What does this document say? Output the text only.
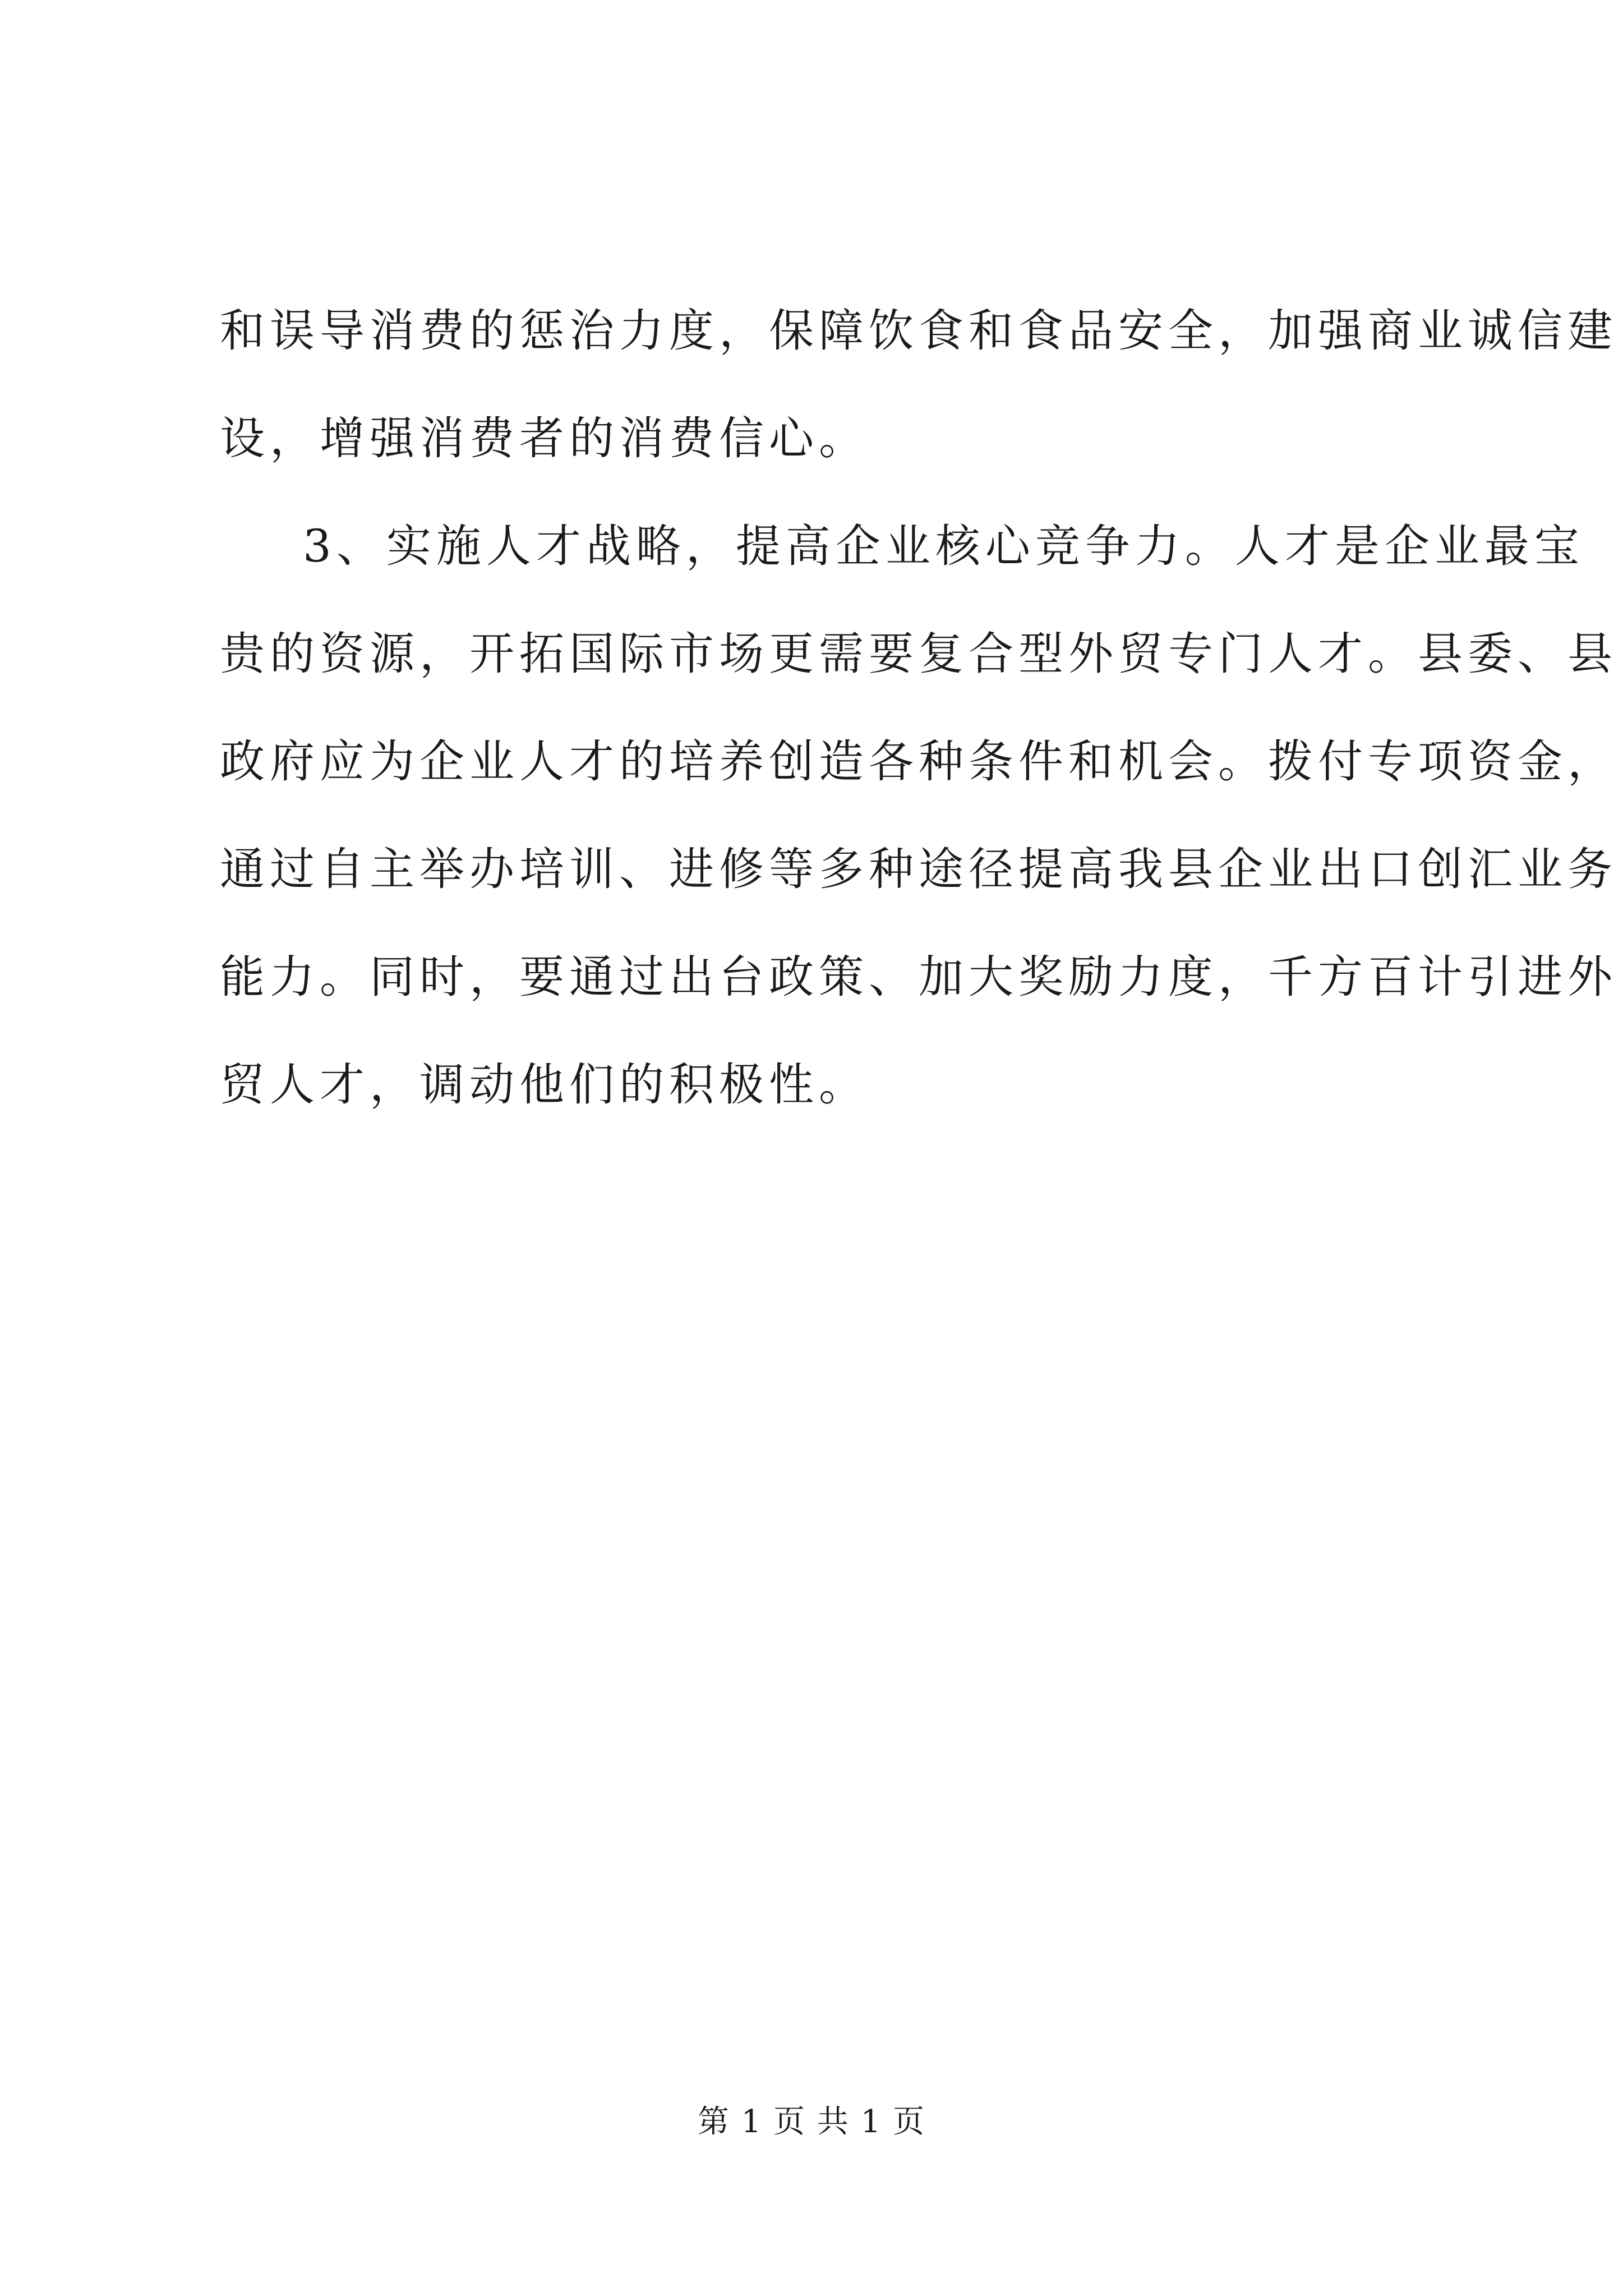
和误导消费的惩治力度，保障饮食和食品安全，加强商业诚信建
设，增强消费者的消费信心。
3、实施人才战略，提高企业核心竞争力。人才是企业最宝
贵的资源，开拓国际市场更需要复合型外贸专门人才。县委、县
政府应为企业人才的培养创造各种条件和机会。拨付专项资金，
通过自主举办培训、进修等多种途径提高我县企业出口创汇业务
能力。同时，要通过出台政策、加大奖励力度，千方百计引进外
贸人才，调动他们的积极性。
第 1 页 共 1 页
